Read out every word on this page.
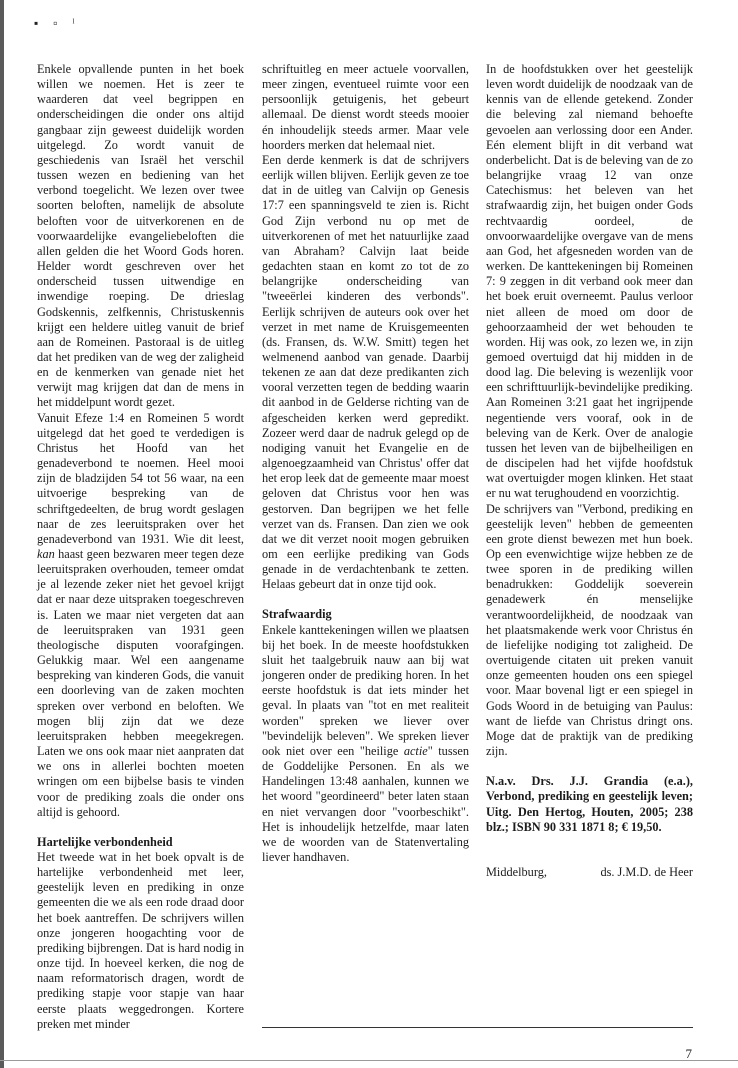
▪ ▫ ˡ

Enkele opvallende punten in het boek willen we noemen. Het is zeer te waarderen dat veel begrippen en onderscheidingen die onder ons altijd gangbaar zijn geweest duidelijk worden uitgelegd. Zo wordt vanuit de geschiedenis van Israël het verschil tussen wezen en bediening van het verbond toegelicht. We lezen over twee soorten beloften, namelijk de absolute beloften voor de uitverkorenen en de voorwaardelijke evangeliebeloften die allen gelden die het Woord Gods horen. Helder wordt geschreven over het onderscheid tussen uitwendige en inwendige roeping. De drieslag Godskennis, zelfkennis, Christuskennis krijgt een heldere uitleg vanuit de brief aan de Romeinen. Pastoraal is de uitleg dat het prediken van de weg der zaligheid en de kenmerken van genade niet het verwijt mag krijgen dat dan de mens in het middelpunt wordt gezet.

Vanuit Efeze 1:4 en Romeinen 5 wordt uitgelegd dat het goed te verdedigen is Christus het Hoofd van het genadeverbond te noemen. Heel mooi zijn de bladzijden 54 tot 56 waar, na een uitvoerige bespreking van de schriftgedeelten, de brug wordt geslagen naar de zes leeruitspraken over het genadeverbond van 1931. Wie dit leest, kan haast geen bezwaren meer tegen deze leeruitspraken overhouden, temeer omdat je al lezende zeker niet het gevoel krijgt dat er naar deze uitspraken toegeschreven is. Laten we maar niet vergeten dat aan de leeruitspraken van 1931 geen theologische disputen voorafgingen. Gelukkig maar. Wel een aangename bespreking van kinderen Gods, die vanuit een doorleving van de zaken mochten spreken over verbond en beloften. We mogen blij zijn dat we deze leeruitspraken hebben meegekregen. Laten we ons ook maar niet aanpraten dat we ons in allerlei bochten moeten wringen om een bijbelse basis te vinden voor de prediking zoals die onder ons altijd is gehoord.

Hartelijke verbondenheid

Het tweede wat in het boek opvalt is de hartelijke verbondenheid met leer, geestelijk leven en prediking in onze gemeenten die we als een rode draad door het boek aantreffen. De schrijvers willen onze jongeren hoogachting voor de prediking bijbrengen. Dat is hard nodig in onze tijd. In hoeveel kerken, die nog de naam reformatorisch dragen, wordt de prediking stapje voor stapje van haar eerste plaats weggedrongen. Kortere preken met minder

schriftuitleg en meer actuele voorvallen, meer zingen, eventueel ruimte voor een persoonlijk getuigenis, het gebeurt allemaal. De dienst wordt steeds mooier én inhoudelijk steeds armer. Maar vele hoorders merken dat helemaal niet.

Een derde kenmerk is dat de schrijvers eerlijk willen blijven. Eerlijk geven ze toe dat in de uitleg van Calvijn op Genesis 17:7 een spanningsveld te zien is. Richt God Zijn verbond nu op met de uitverkorenen of met het natuurlijke zaad van Abraham? Calvijn laat beide gedachten staan en komt zo tot de zo belangrijke onderscheiding van "tweeërlei kinderen des verbonds". Eerlijk schrijven de auteurs ook over het verzet in met name de Kruisgemeenten (ds. Fransen, ds. W.W. Smitt) tegen het welmenend aanbod van genade. Daarbij tekenen ze aan dat deze predikanten zich vooral verzetten tegen de bedding waarin dit aanbod in de Gelderse richting van de afgescheiden kerken werd gepredikt. Zozeer werd daar de nadruk gelegd op de nodiging vanuit het Evangelie en de algenoegzaamheid van Christus' offer dat het erop leek dat de gemeente maar moest geloven dat Christus voor hen was gestorven. Dan begrijpen we het felle verzet van ds. Fransen. Dan zien we ook dat we dit verzet nooit mogen gebruiken om een eerlijke prediking van Gods genade in de verdachtenbank te zetten. Helaas gebeurt dat in onze tijd ook.

Strafwaardig

Enkele kanttekeningen willen we plaatsen bij het boek. In de meeste hoofdstukken sluit het taalgebruik nauw aan bij wat jongeren onder de prediking horen. In het eerste hoofdstuk is dat iets minder het geval. In plaats van "tot en met realiteit worden" spreken we liever over "bevindelijk beleven". We spreken liever ook niet over een "heilige actie" tussen de Goddelijke Personen. En als we Handelingen 13:48 aanhalen, kunnen we het woord "geordineerd" beter laten staan en niet vervangen door "voorbeschikt". Het is inhoudelijk hetzelfde, maar laten we de woorden van de Statenvertaling liever handhaven.

In de hoofdstukken over het geestelijk leven wordt duidelijk de noodzaak van de kennis van de ellende getekend. Zonder die beleving zal niemand behoefte gevoelen aan verlossing door een Ander. Eén element blijft in dit verband wat onderbelicht. Dat is de beleving van de zo belangrijke vraag 12 van onze Catechismus: het beleven van het strafwaardig zijn, het buigen onder Gods rechtvaardig oordeel, de onvoorwaardelijke overgave van de mens aan God, het afgesneden worden van de werken. De kanttekeningen bij Romeinen 7: 9 zeggen in dit verband ook meer dan het boek eruit overneemt. Paulus verloor niet alleen de moed om door de gehoorzaamheid der wet behouden te worden. Hij was ook, zo lezen we, in zijn gemoed overtuigd dat hij midden in de dood lag. Die beleving is wezenlijk voor een schrifttuurlijk-bevindelijke prediking. Aan Romeinen 3:21 gaat het ingrijpende negentiende vers vooraf, ook in de beleving van de Kerk. Over de analogie tussen het leven van de bijbelheiligen en de discipelen had het vijfde hoofdstuk wat overtuigder mogen klinken. Het staat er nu wat terughoudend en voorzichtig.

De schrijvers van "Verbond, prediking en geestelijk leven" hebben de gemeenten een grote dienst bewezen met hun boek. Op een evenwichtige wijze hebben ze de twee sporen in de prediking willen benadrukken: Goddelijk soeverein genadewerk én menselijke verantwoordelijkheid, de noodzaak van het plaatsmakende werk voor Christus én de liefelijke nodiging tot zaligheid. De overtuigende citaten uit preken vanuit onze gemeenten houden ons een spiegel voor. Maar bovenal ligt er een spiegel in Gods Woord in de betuiging van Paulus: want de liefde van Christus dringt ons. Moge dat de praktijk van de prediking zijn.

N.a.v. Drs. J.J. Grandia (e.a.), Verbond, prediking en geestelijk leven; Uitg. Den Hertog, Houten, 2005; 238 blz.; ISBN 90 331 1871 8; € 19,50.

Middelburg,	ds. J.M.D. de Heer
7
